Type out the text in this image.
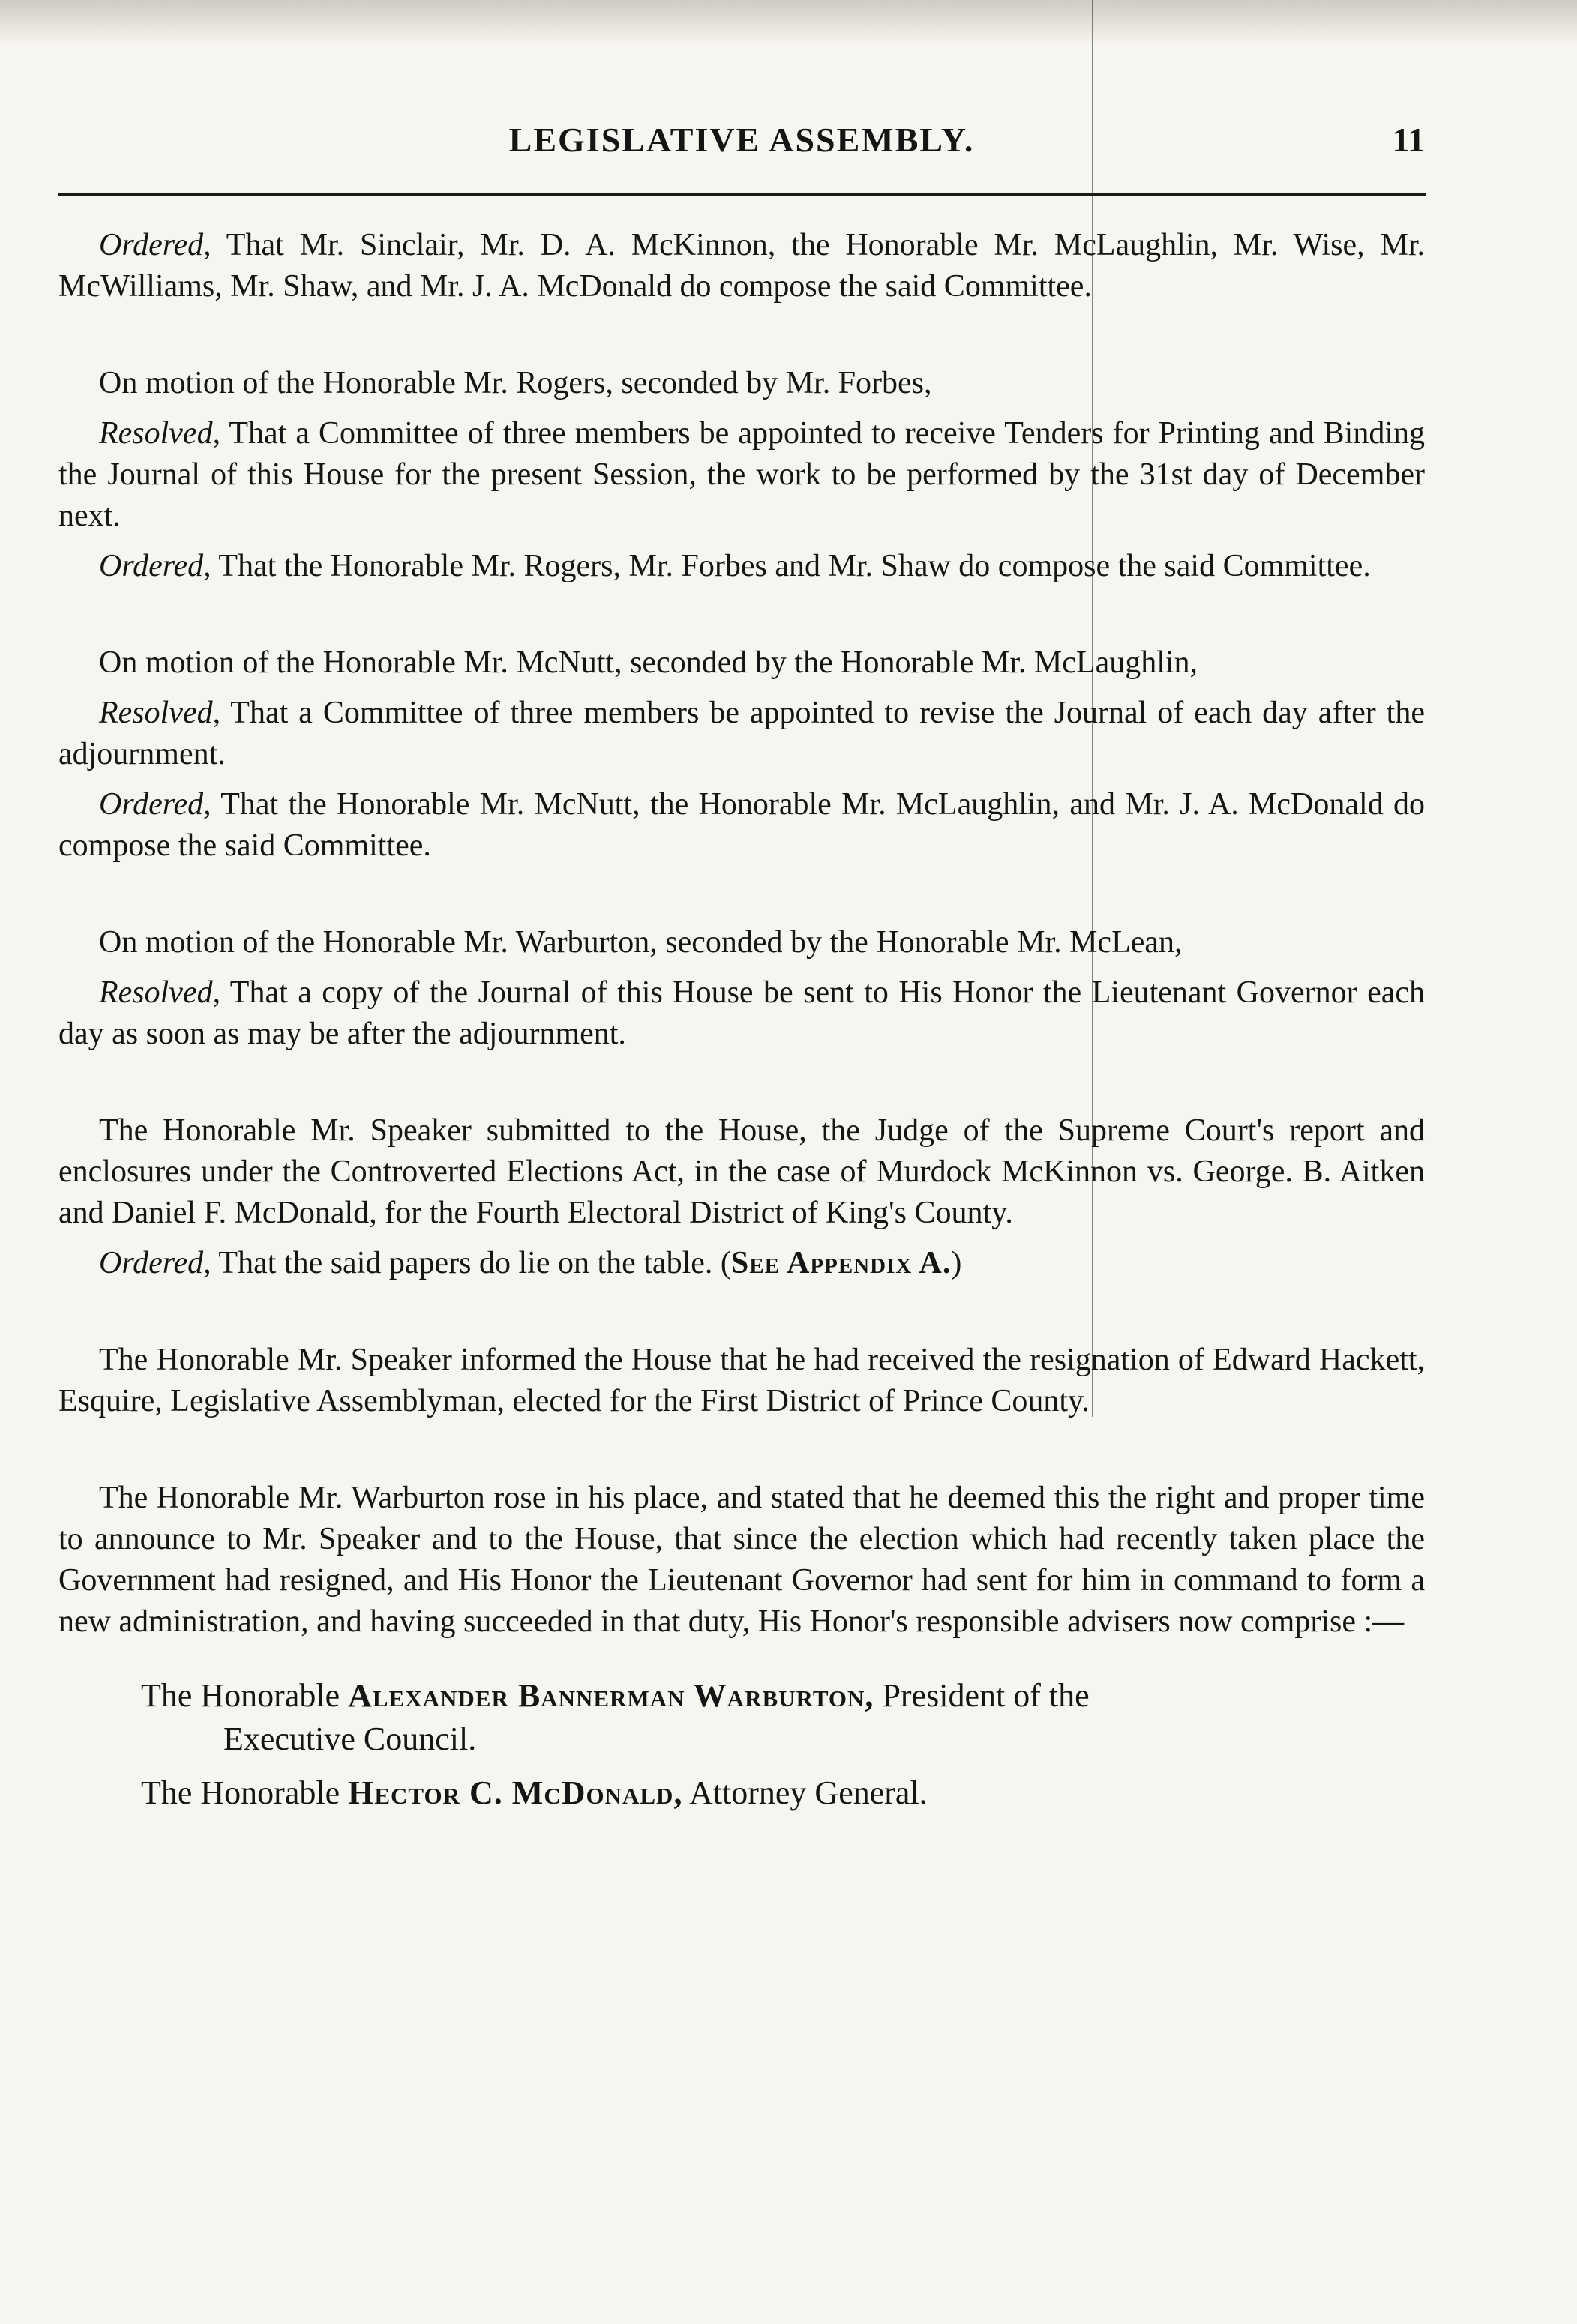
LEGISLATIVE ASSEMBLY.	11

Ordered, That Mr. Sinclair, Mr. D. A. McKinnon, the Honorable Mr. McLaughlin, Mr. Wise, Mr. McWilliams, Mr. Shaw, and Mr. J. A. McDonald do compose the said Committee.

On motion of the Honorable Mr. Rogers, seconded by Mr. Forbes,

Resolved, That a Committee of three members be appointed to receive Tenders for Printing and Binding the Journal of this House for the present Session, the work to be performed by the 31st day of December next.

Ordered, That the Honorable Mr. Rogers, Mr. Forbes and Mr. Shaw do compose the said Committee.

On motion of the Honorable Mr. McNutt, seconded by the Honorable Mr. McLaughlin,

Resolved, That a Committee of three members be appointed to revise the Journal of each day after the adjournment.

Ordered, That the Honorable Mr. McNutt, the Honorable Mr. McLaughlin, and Mr. J. A. McDonald do compose the said Committee.

On motion of the Honorable Mr. Warburton, seconded by the Honorable Mr. McLean,

Resolved, That a copy of the Journal of this House be sent to His Honor the Lieutenant Governor each day as soon as may be after the adjournment.

The Honorable Mr. Speaker submitted to the House, the Judge of the Supreme Court's report and enclosures under the Controverted Elections Act, in the case of Murdock McKinnon vs. George. B. Aitken and Daniel F. McDonald, for the Fourth Electoral District of King's County.

Ordered, That the said papers do lie on the table. (See Appendix A.)

The Honorable Mr. Speaker informed the House that he had received the resignation of Edward Hackett, Esquire, Legislative Assemblyman, elected for the First District of Prince County.

The Honorable Mr. Warburton rose in his place, and stated that he deemed this the right and proper time to announce to Mr. Speaker and to the House, that since the election which had recently taken place the Government had resigned, and His Honor the Lieutenant Governor had sent for him in command to form a new administration, and having succeeded in that duty, His Honor's responsible advisers now comprise :—

The Honorable Alexander Bannerman Warburton, President of the
Executive Council.
The Honorable Hector C. McDonald, Attorney General.
